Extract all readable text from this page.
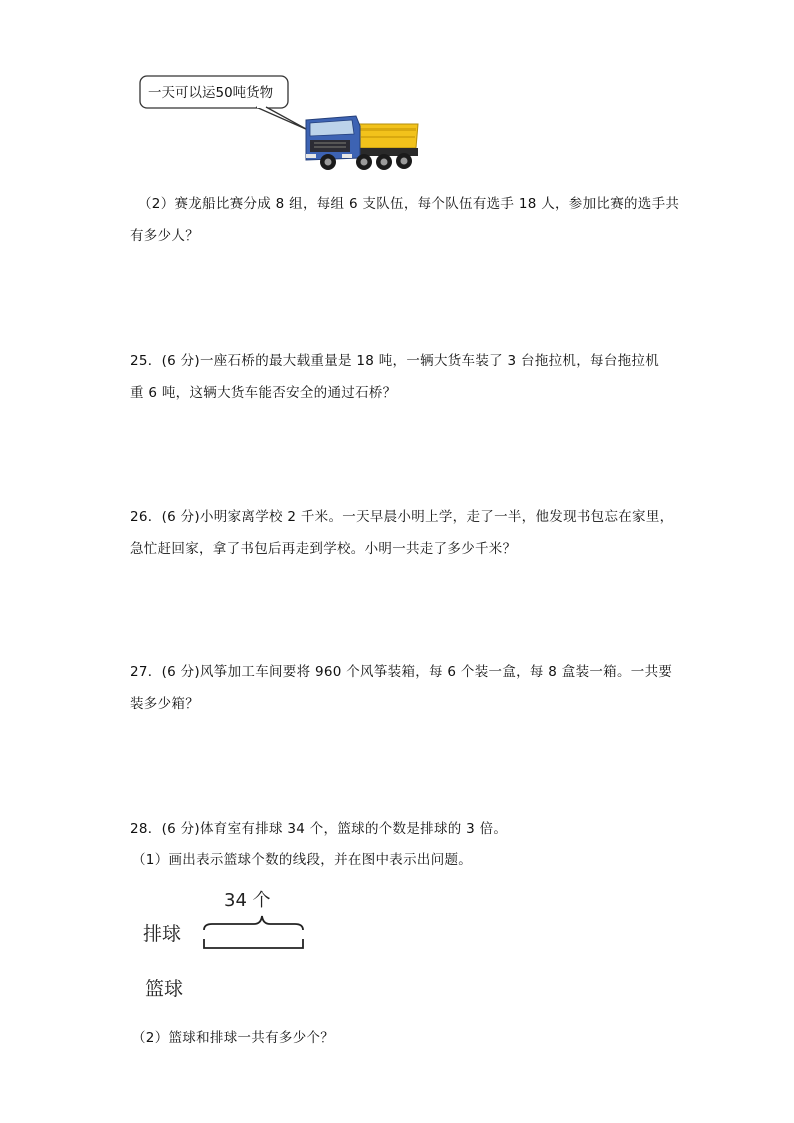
一天可以运50吨货物
（2）赛龙船比赛分成 8 组，每组 6 支队伍，每个队伍有选手 18 人，参加比赛的选手共
有多少人？
25．(6 分)一座石桥的最大载重量是 18 吨，一辆大货车装了 3 台拖拉机，每台拖拉机
重 6 吨，这辆大货车能否安全的通过石桥？
26．(6 分)小明家离学校 2 千米。一天早晨小明上学，走了一半，他发现书包忘在家里，
急忙赶回家，拿了书包后再走到学校。小明一共走了多少千米？
27．(6 分)风筝加工车间要将 960 个风筝装箱，每 6 个装一盒，每 8 盒装一箱。一共要
装多少箱？
28．(6 分)体育室有排球 34 个，篮球的个数是排球的 3 倍。
（1）画出表示篮球个数的线段，并在图中表示出问题。
34 个
排球
篮球
（2）篮球和排球一共有多少个？
